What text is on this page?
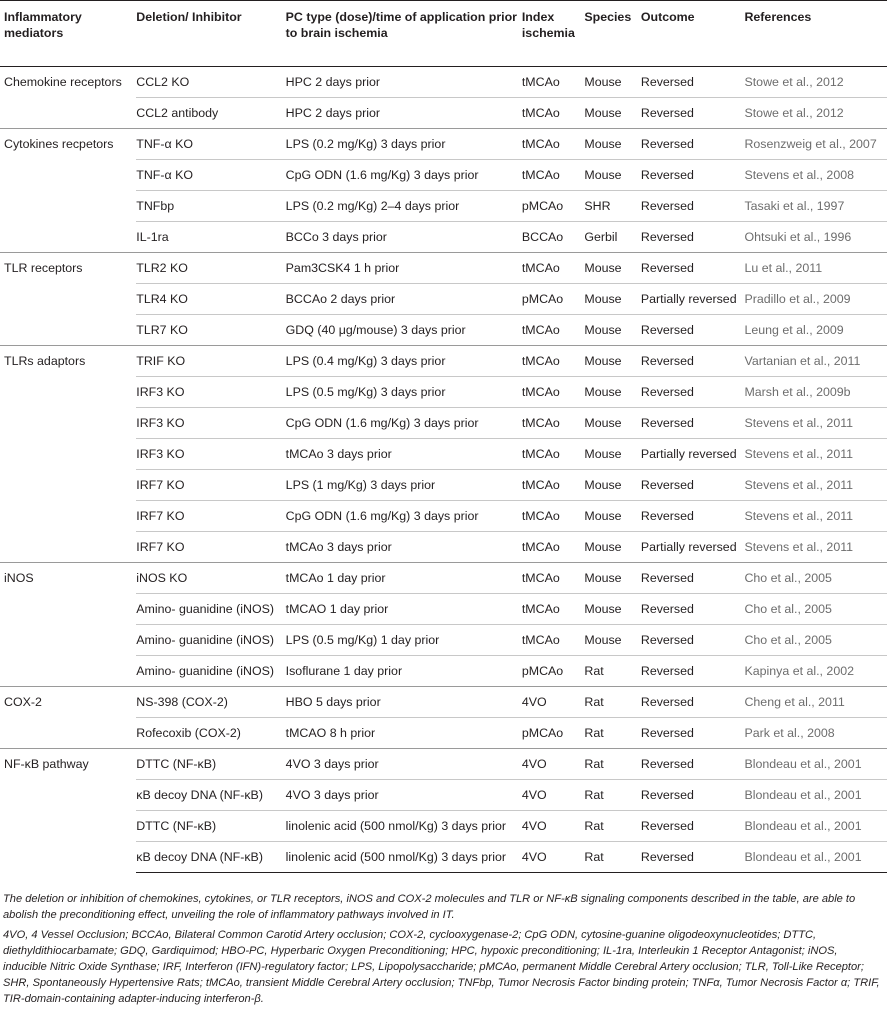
Inflammatory mediators	Deletion/ Inhibitor	PC type (dose)/time of application prior to brain ischemia	Index ischemia	Species	Outcome	References
Chemokine receptors	CCL2 KO	HPC 2 days prior	tMCAo	Mouse	Reversed	Stowe et al., 2012
	CCL2 antibody	HPC 2 days prior	tMCAo	Mouse	Reversed	Stowe et al., 2012
Cytokines recpetors	TNF-α KO	LPS (0.2 mg/Kg) 3 days prior	tMCAo	Mouse	Reversed	Rosenzweig et al., 2007
	TNF-α KO	CpG ODN (1.6 mg/Kg) 3 days prior	tMCAo	Mouse	Reversed	Stevens et al., 2008
	TNFbp	LPS (0.2 mg/Kg) 2–4 days prior	pMCAo	SHR	Reversed	Tasaki et al., 1997
	IL-1ra	BCCo 3 days prior	BCCAo	Gerbil	Reversed	Ohtsuki et al., 1996
TLR receptors	TLR2 KO	Pam3CSK4 1 h prior	tMCAo	Mouse	Reversed	Lu et al., 2011
	TLR4 KO	BCCAo 2 days prior	pMCAo	Mouse	Partially reversed	Pradillo et al., 2009
	TLR7 KO	GDQ (40 μg/mouse) 3 days prior	tMCAo	Mouse	Reversed	Leung et al., 2009
TLRs adaptors	TRIF KO	LPS (0.4 mg/Kg) 3 days prior	tMCAo	Mouse	Reversed	Vartanian et al., 2011
	IRF3 KO	LPS (0.5 mg/Kg) 3 days prior	tMCAo	Mouse	Reversed	Marsh et al., 2009b
	IRF3 KO	CpG ODN (1.6 mg/Kg) 3 days prior	tMCAo	Mouse	Reversed	Stevens et al., 2011
	IRF3 KO	tMCAo 3 days prior	tMCAo	Mouse	Partially reversed	Stevens et al., 2011
	IRF7 KO	LPS (1 mg/Kg) 3 days prior	tMCAo	Mouse	Reversed	Stevens et al., 2011
	IRF7 KO	CpG ODN (1.6 mg/Kg) 3 days prior	tMCAo	Mouse	Reversed	Stevens et al., 2011
	IRF7 KO	tMCAo 3 days prior	tMCAo	Mouse	Partially reversed	Stevens et al., 2011
iNOS	iNOS KO	tMCAo 1 day prior	tMCAo	Mouse	Reversed	Cho et al., 2005
	Amino- guanidine (iNOS)	tMCAO 1 day prior	tMCAo	Mouse	Reversed	Cho et al., 2005
	Amino- guanidine (iNOS)	LPS (0.5 mg/Kg) 1 day prior	tMCAo	Mouse	Reversed	Cho et al., 2005
	Amino- guanidine (iNOS)	Isoflurane 1 day prior	pMCAo	Rat	Reversed	Kapinya et al., 2002
COX-2	NS-398 (COX-2)	HBO 5 days prior	4VO	Rat	Reversed	Cheng et al., 2011
	Rofecoxib (COX-2)	tMCAO 8 h prior	pMCAo	Rat	Reversed	Park et al., 2008
NF-κB pathway	DTTC (NF-κB)	4VO 3 days prior	4VO	Rat	Reversed	Blondeau et al., 2001
	κB decoy DNA (NF-κB)	4VO 3 days prior	4VO	Rat	Reversed	Blondeau et al., 2001
	DTTC (NF-κB)	linolenic acid (500 nmol/Kg) 3 days prior	4VO	Rat	Reversed	Blondeau et al., 2001
	κB decoy DNA (NF-κB)	linolenic acid (500 nmol/Kg) 3 days prior	4VO	Rat	Reversed	Blondeau et al., 2001

The deletion or inhibition of chemokines, cytokines, or TLR receptors, iNOS and COX-2 molecules and TLR or NF-κB signaling components described in the table, are able to abolish the preconditioning effect, unveiling the role of inflammatory pathways involved in IT.

4VO, 4 Vessel Occlusion; BCCAo, Bilateral Common Carotid Artery occlusion; COX-2, cyclooxygenase-2; CpG ODN, cytosine-guanine oligodeoxynucleotides; DTTC, diethyldithiocarbamate; GDQ, Gardiquimod; HBO-PC, Hyperbaric Oxygen Preconditioning; HPC, hypoxic preconditioning; IL-1ra, Interleukin 1 Receptor Antagonist; iNOS, inducible Nitric Oxide Synthase; IRF, Interferon (IFN)-regulatory factor; LPS, Lipopolysaccharide; pMCAo, permanent Middle Cerebral Artery occlusion; TLR, Toll-Like Receptor; SHR, Spontaneously Hypertensive Rats; tMCAo, transient Middle Cerebral Artery occlusion; TNFbp, Tumor Necrosis Factor binding protein; TNFα, Tumor Necrosis Factor α; TRIF, TIR-domain-containing adapter-inducing interferon-β.
